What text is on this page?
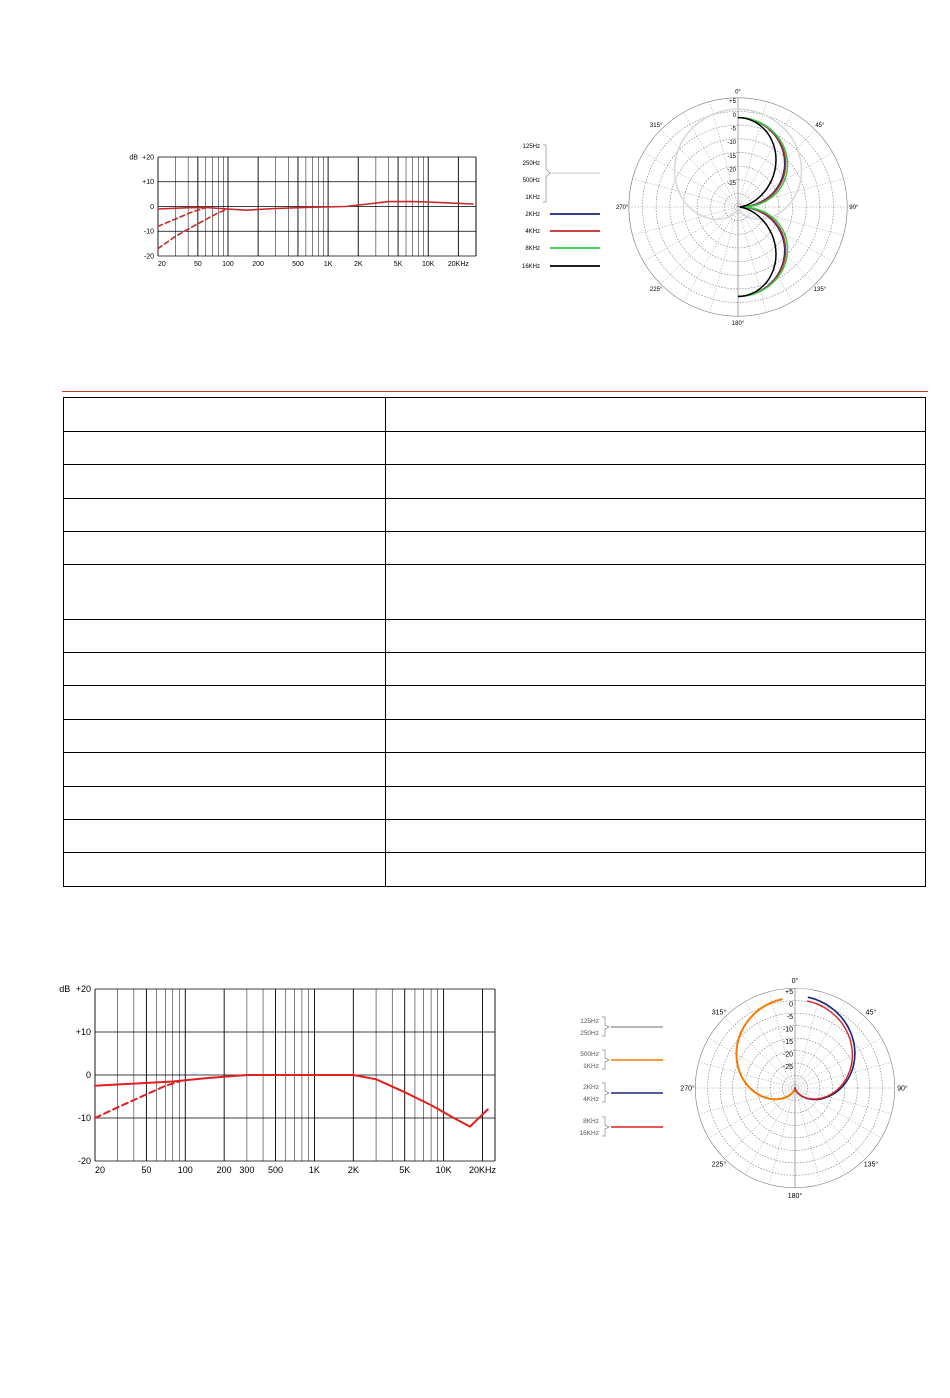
+20
+10
0
-10
-20
dB
20	50	100	200	500	1K	2K	5K	10K 20KHz
+5
0
-5
-10
-15
-20
-25
0°
45°
90°
135°
180°
225°
270°
315°
125Hz
250Hz
500Hz
1KHz
2KHz
4KHz
8KHz
16KHz

+20
+10
0
-10
-20
dB
20	50	100	200 300 500	1K	2K	5K	10K 20KHz
+5
0
-5
-10
-15
-20
-25
0°
45°
90°
135°
180°
225°
270°
315°
125Hz
250Hz
500Hz
1KHz
2KHz
4KHz
8KHz
16KHz
